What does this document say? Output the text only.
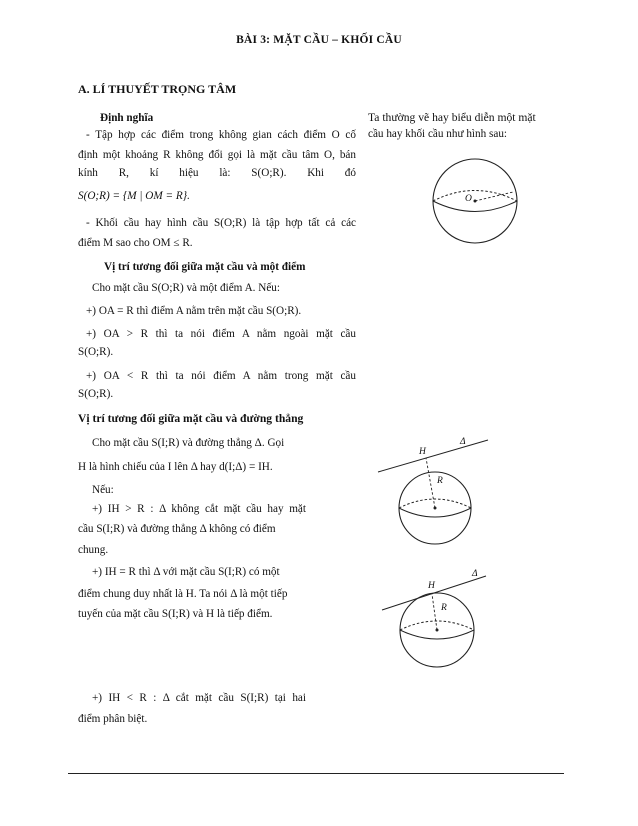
BÀI 3: MẶT CẦU – KHỐI CẦU
A. LÍ THUYẾT TRỌNG TÂM
Định nghĩa
- Tập hợp các điểm trong không gian cách điểm O cố
định một khoảng R không đổi gọi là mặt cầu tâm O, bán
kính R, kí hiệu là: S(O;R). Khi đó
S(O;R) = {M | OM = R}.
- Khối cầu hay hình cầu S(O;R) là tập hợp tất cả các
điểm M sao cho OM ≤ R.
Ta thường vẽ hay biểu diễn một mặt
cầu hay khối cầu như hình sau:
O
Vị trí tương đối giữa mặt cầu và một điểm
Cho mặt cầu S(O;R) và một điểm A. Nếu:
+) OA = R thì điểm A nằm trên mặt cầu S(O;R).
+) OA > R thì ta nói điểm A nằm ngoài mặt cầu
S(O;R).
+) OA < R thì ta nói điểm A nằm trong mặt cầu
S(O;R).
Vị trí tương đối giữa mặt cầu và đường thẳng
Cho mặt cầu S(I;R) và đường thẳng Δ. Gọi
H là hình chiếu của I lên Δ hay d(I;Δ) = IH.
Nếu:
+) IH > R : Δ không cắt mặt cầu hay mặt
cầu S(I;R) và đường thẳng Δ không có điểm
chung.
+) IH = R thì Δ với mặt cầu S(I;R) có một
điểm chung duy nhất là H. Ta nói Δ là một tiếp
tuyến của mặt cầu S(I;R) và H là tiếp điểm.
+) IH < R : Δ cắt mặt cầu S(I;R) tại hai
điểm phân biệt.
H
Δ
R
H
Δ
R
